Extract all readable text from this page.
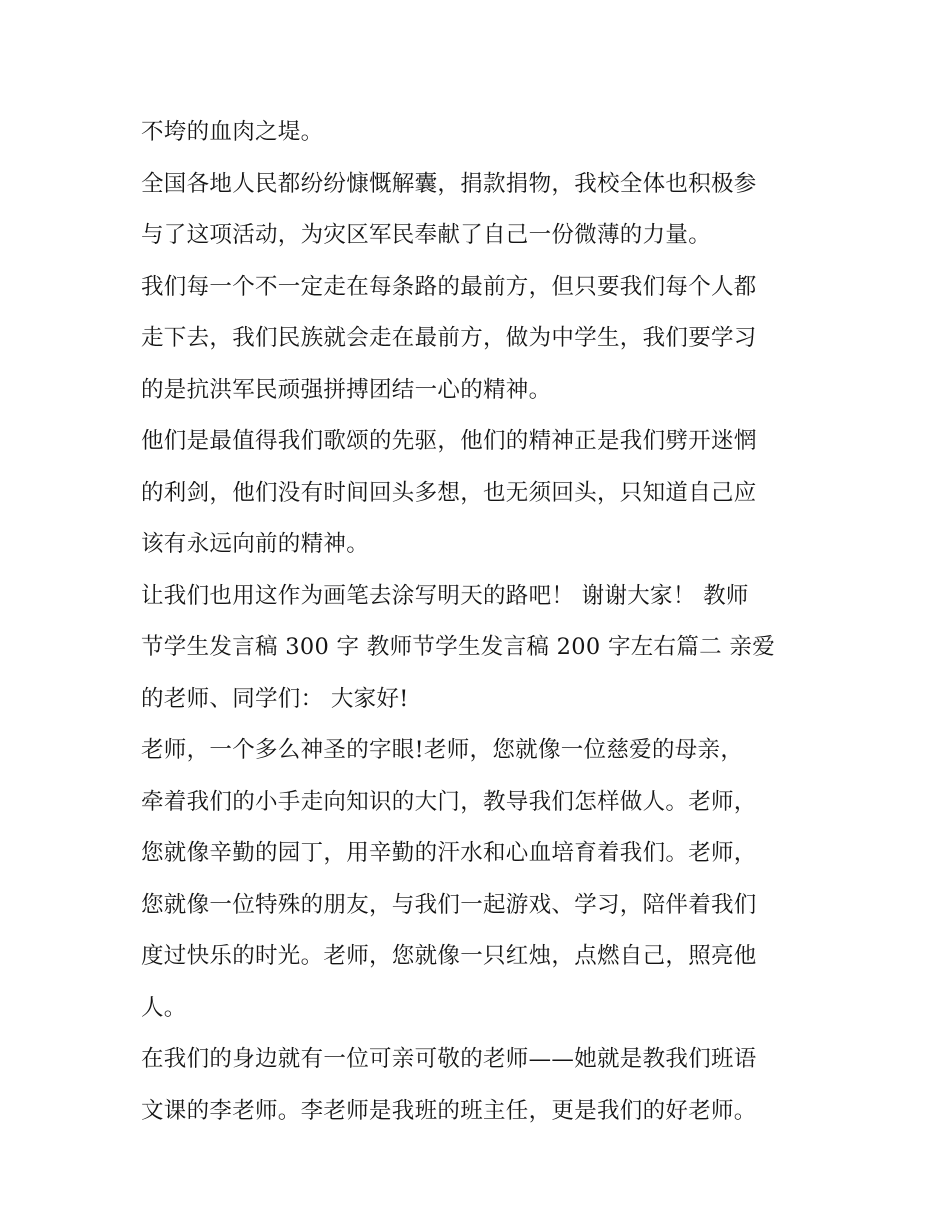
不垮的血肉之堤。
全国各地人民都纷纷慷慨解囊，捐款捐物，我校全体也积极参
与了这项活动，为灾区军民奉献了自己一份微薄的力量。
我们每一个不一定走在每条路的最前方，但只要我们每个人都
走下去，我们民族就会走在最前方，做为中学生，我们要学习
的是抗洪军民顽强拼搏团结一心的精神。
他们是最值得我们歌颂的先驱，他们的精神正是我们劈开迷惘
的利剑，他们没有时间回头多想，也无须回头，只知道自己应
该有永远向前的精神。
让我们也用这作为画笔去涂写明天的路吧！ 谢谢大家！ 教师
节学生发言稿 300 字 教师节学生发言稿 200 字左右篇二 亲爱
的老师、同学们： 大家好!
老师，一个多么神圣的字眼!老师，您就像一位慈爱的母亲，
牵着我们的小手走向知识的大门，教导我们怎样做人。老师，
您就像辛勤的园丁，用辛勤的汗水和心血培育着我们。老师，
您就像一位特殊的朋友，与我们一起游戏、学习，陪伴着我们
度过快乐的时光。老师，您就像一只红烛，点燃自己，照亮他
人。
在我们的身边就有一位可亲可敬的老师——她就是教我们班语
文课的李老师。李老师是我班的班主任，更是我们的好老师。
